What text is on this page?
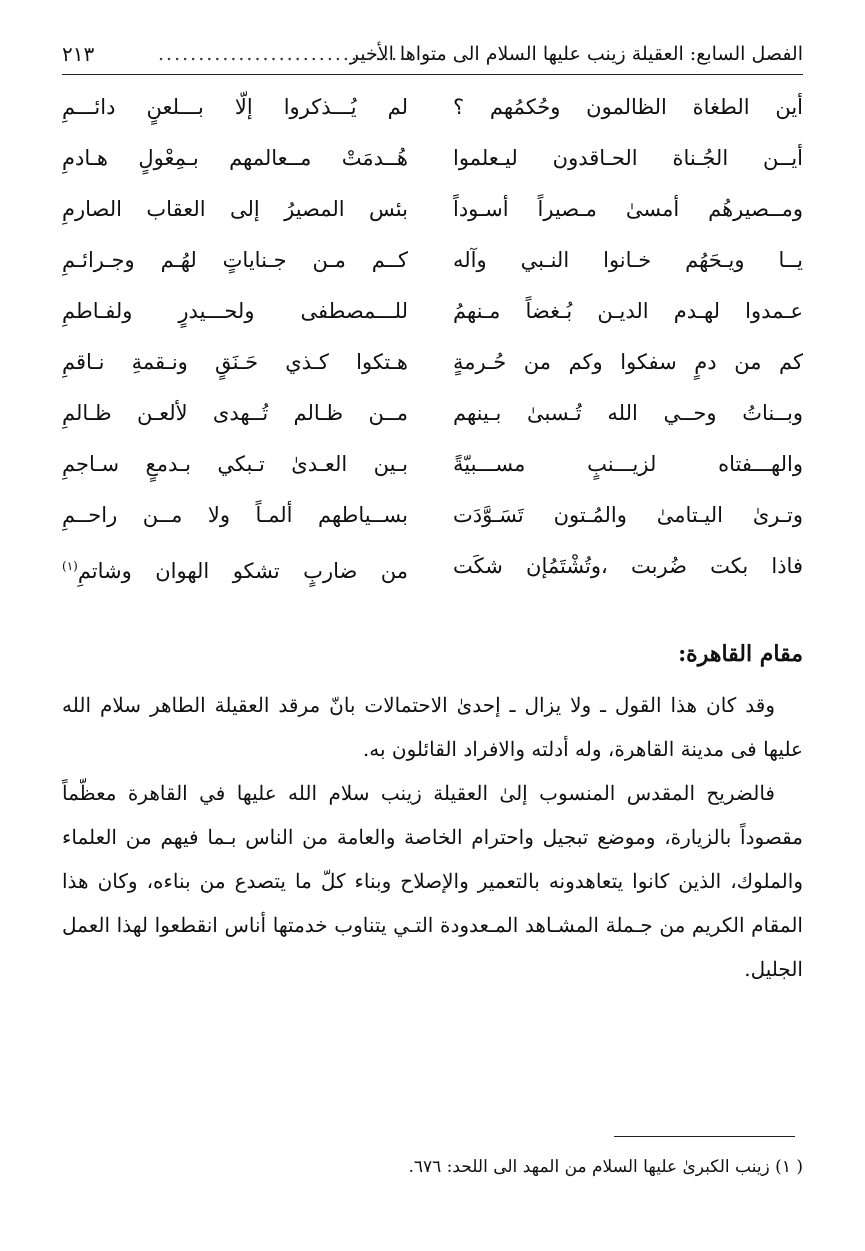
الفصل السابع: العقيلة زينب عليها السلام الى متواها الأخير
................................
٢١٣
أين الطغاة الظالمون وحُكمُهم ؟
لم يُـــذكروا إلّا بـــلعنٍ دائـــمِ
أيــن الجُـناة الحـاقدون ليـعلموا
هُــدمَتْ مــعالمهم بـمِعْولٍ هـادمِ
ومــصيرهُم أمسىٰ مـصيراً أسـوداً
بئس المصيرُ إلى العقاب الصارمِ
يــا ويـحَهُم خـانوا النـبي وآله
كــم مـن جـناياتٍ لهُـم وجـرائـمِ
عـمدوا لهـدم الديـن بُـغضاً مـنهمُ
للـــمصطفى ولحـــيدرٍ ولفـاطمِ
كم من دمٍ سفكوا وكم من حُـرمةٍ
هـتكوا كـذي حَـنَقٍ ونـقمةِ نـاقمِ
وبــناتُ وحــي الله تُـسبىٰ بـينهم
مــن ظـالم تُــهدى لألعـن ظـالمِ
والهـــفتاه لزيـــنبٍ مســـبيّةً
بـين العـدىٰ تـبكي بـدمعٍ سـاجمِ
وتـرىٰ اليـتامىٰ والمُـتون تَسَـوَّدَت
بســياطهم ألمـاً ولا مــن راحــمِ
فاذا بكت ضُربت ،وتُشْتَمُإن شكَت
من ضاربٍ تشكو الهوان وشاتمِ$^{(١)}$
مقام القاهرة:

وقد كان هذا القول ـ ولا يزال ـ إحدىٰ الاحتمالات بانّ مرقد العقيلة الطاهر سلام الله عليها فى مدينة القاهرة، وله أدلته والافراد القائلون به.

فالضريح المقدس المنسوب إلىٰ العقيلة زينب سلام الله عليها في القاهرة معظّماً مقصوداً بالزيارة، وموضع تبجيل واحترام الخاصة والعامة من الناس بـما فيهم من العلماء والملوك، الذين كانوا يتعاهدونه بالتعمير والإصلاح وبناء كلّ ما يتصدع من بناءه، وكان هذا المقام الكريم من جـملة المشـاهد المـعدودة التـي يتناوب خدمتها أناس انقطعوا لهذا العمل الجليل.

( ١) زينب الكبرىٰ عليها السلام من المهد الى اللحد: ٦٧٦.
